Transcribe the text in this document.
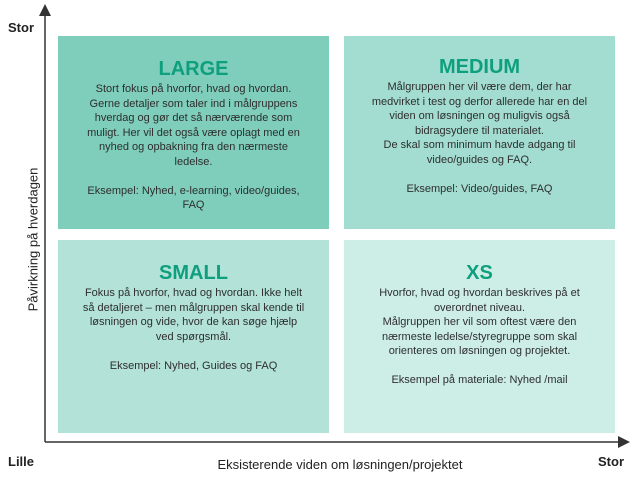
Stor
Lille	Stor
Eksisterende viden om løsningen/projektet
Påvirkning på hverdagen
LARGE
Stort fokus på hvorfor, hvad og hvordan.
Gerne detaljer som taler ind i målgruppens
hverdag og gør det så nærværende som
muligt. Her vil det også være oplagt med en
nyhed og opbakning fra den nærmeste
ledelse.
Eksempel: Nyhed, e-learning, video/guides,
FAQ
MEDIUM
Målgruppen her vil være dem, der har
medvirket i test og derfor allerede har en del
viden om løsningen og muligvis også
bidragsydere til materialet.
De skal som minimum havde adgang til
video/guides og FAQ.
Eksempel: Video/guides, FAQ
SMALL
Fokus på hvorfor, hvad og hvordan. Ikke helt
så detaljeret – men målgruppen skal kende til
løsningen og vide, hvor de kan søge hjælp
ved spørgsmål.
Eksempel: Nyhed, Guides og FAQ
XS
Hvorfor, hvad og hvordan beskrives på et
overordnet niveau.
Målgruppen her vil som oftest være den
nærmeste ledelse/styregruppe som skal
orienteres om løsningen og projektet.
Eksempel på materiale: Nyhed /mail
